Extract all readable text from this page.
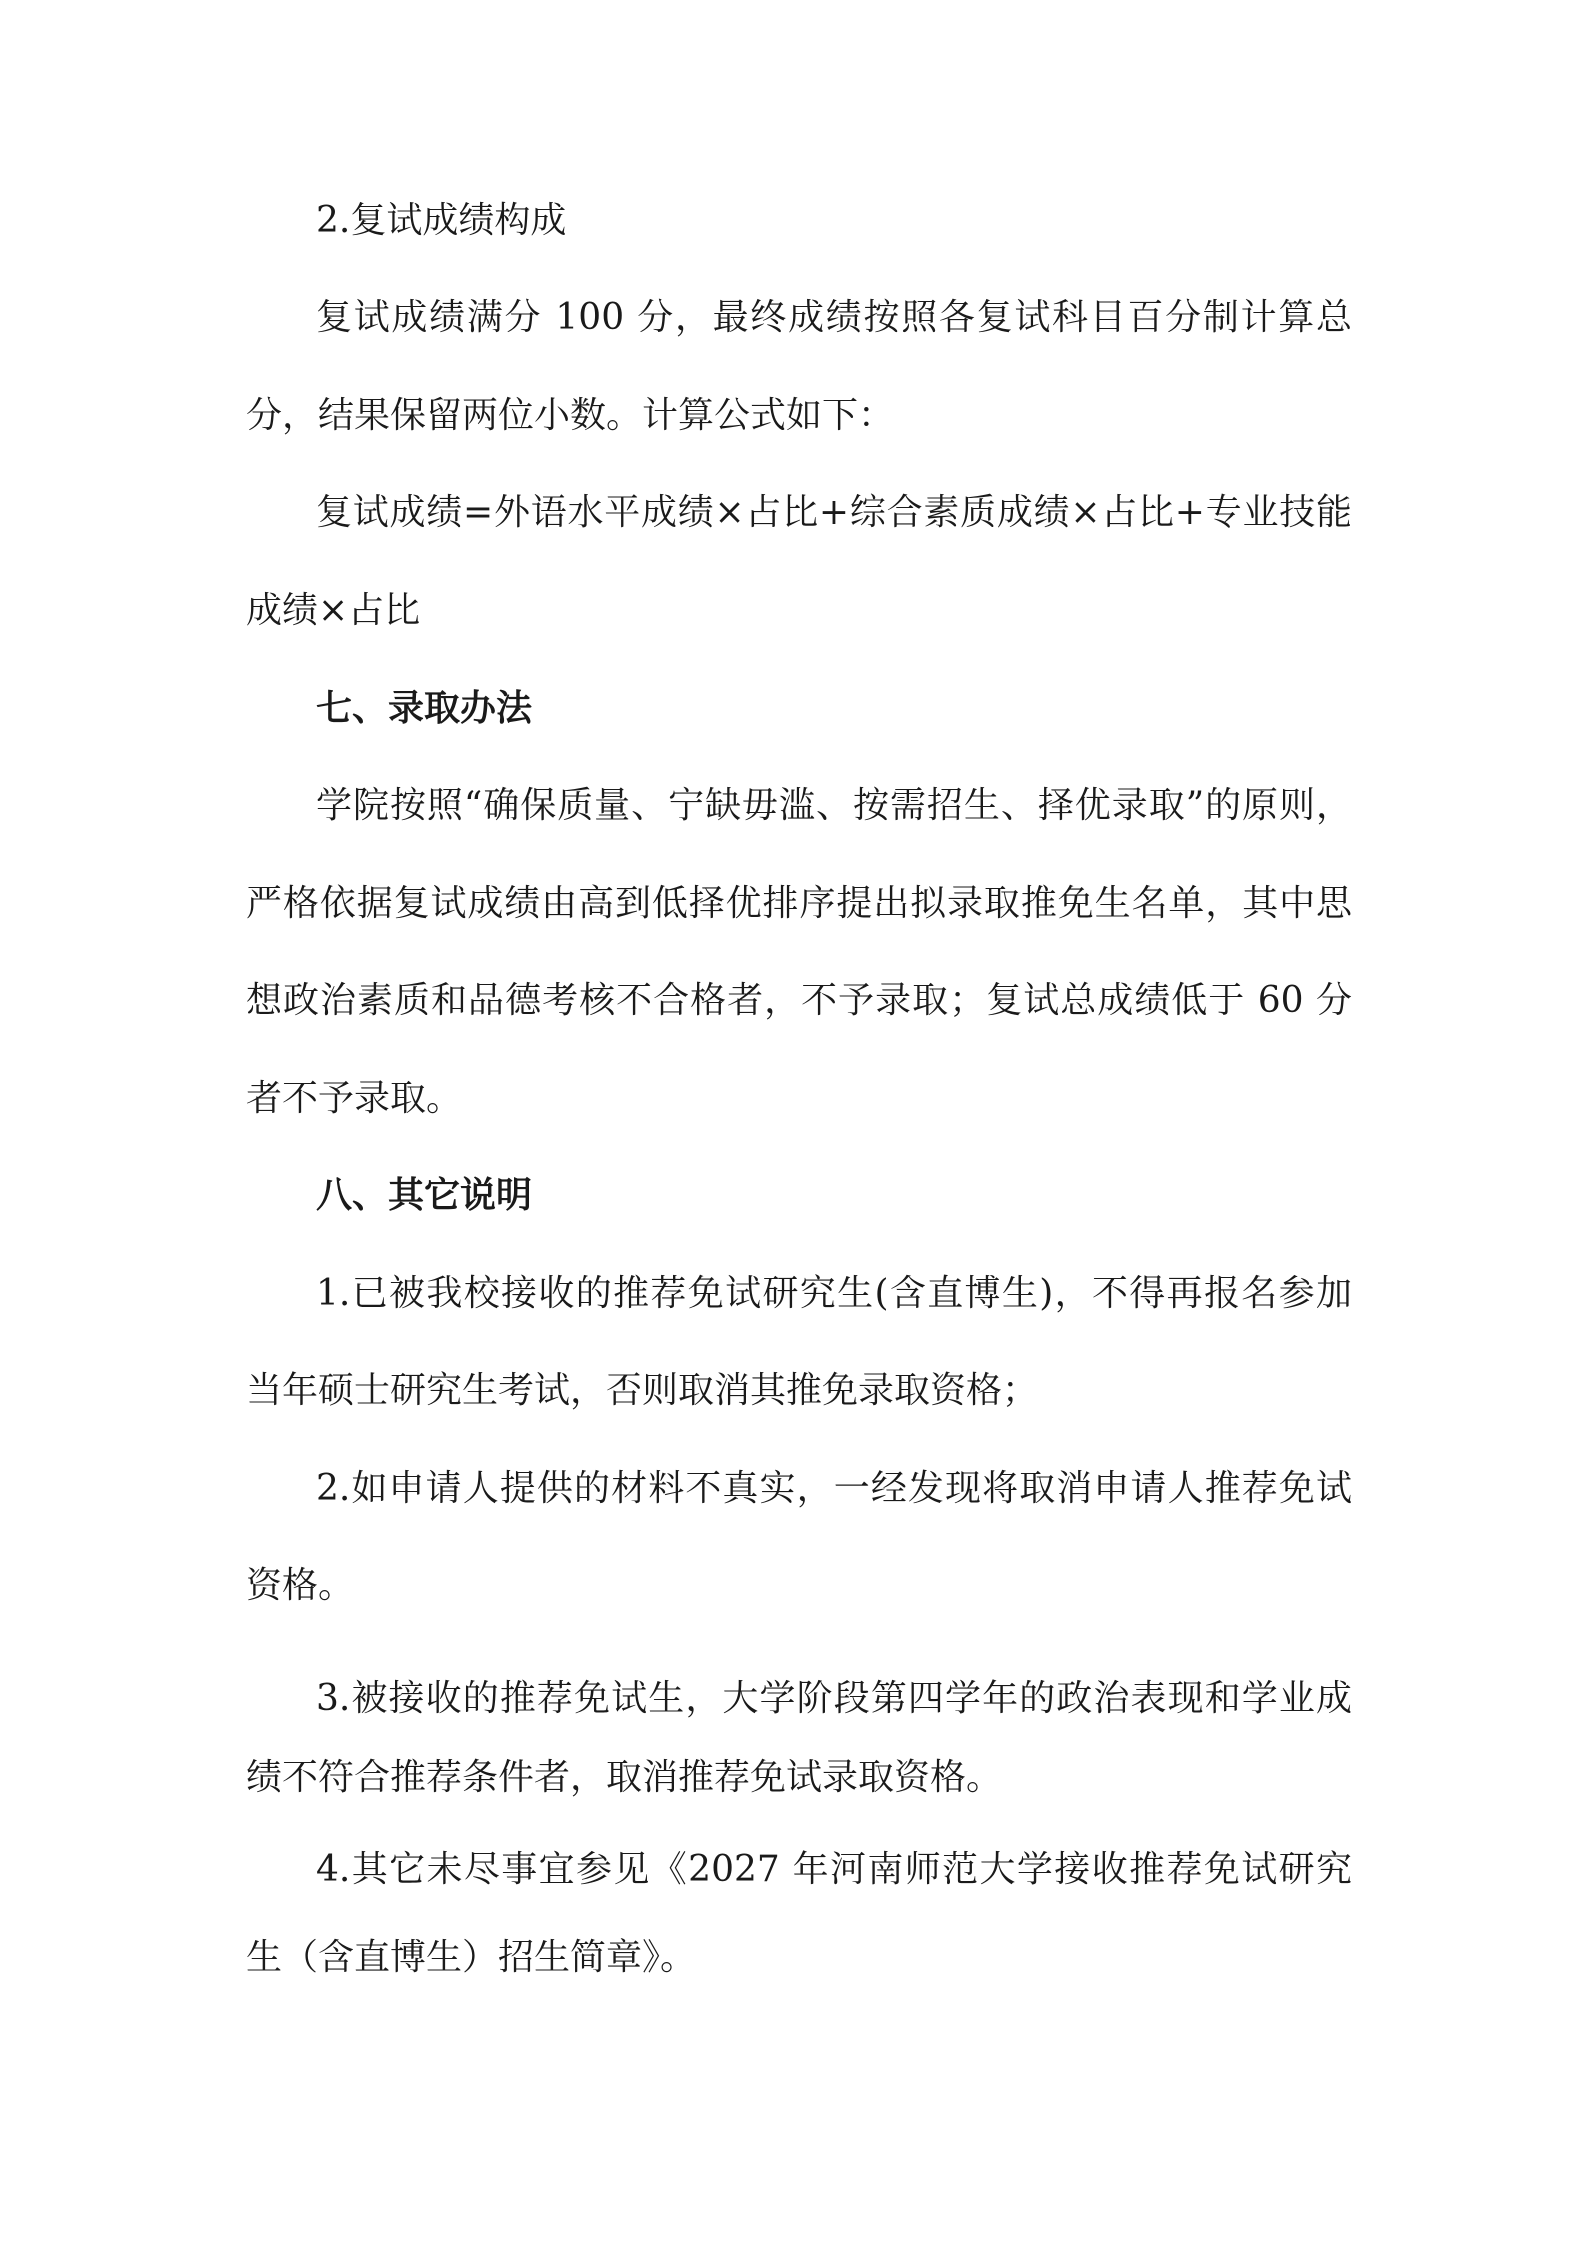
2.复试成绩构成

复试成绩满分 100 分，最终成绩按照各复试科目百分制计算总

分，结果保留两位小数。计算公式如下：

复试成绩=外语水平成绩×占比+综合素质成绩×占比+专业技能

成绩×占比

七、录取办法

学院按照“确保质量、宁缺毋滥、按需招生、择优录取”的原则，

严格依据复试成绩由高到低择优排序提出拟录取推免生名单，其中思

想政治素质和品德考核不合格者，不予录取；复试总成绩低于 60 分

者不予录取。

八、其它说明

1.已被我校接收的推荐免试研究生(含直博生)，不得再报名参加

当年硕士研究生考试，否则取消其推免录取资格；

2.如申请人提供的材料不真实，一经发现将取消申请人推荐免试

资格。

3.被接收的推荐免试生，大学阶段第四学年的政治表现和学业成

绩不符合推荐条件者，取消推荐免试录取资格。

4.其它未尽事宜参见《2027 年河南师范大学接收推荐免试研究

生（含直博生）招生简章》。
